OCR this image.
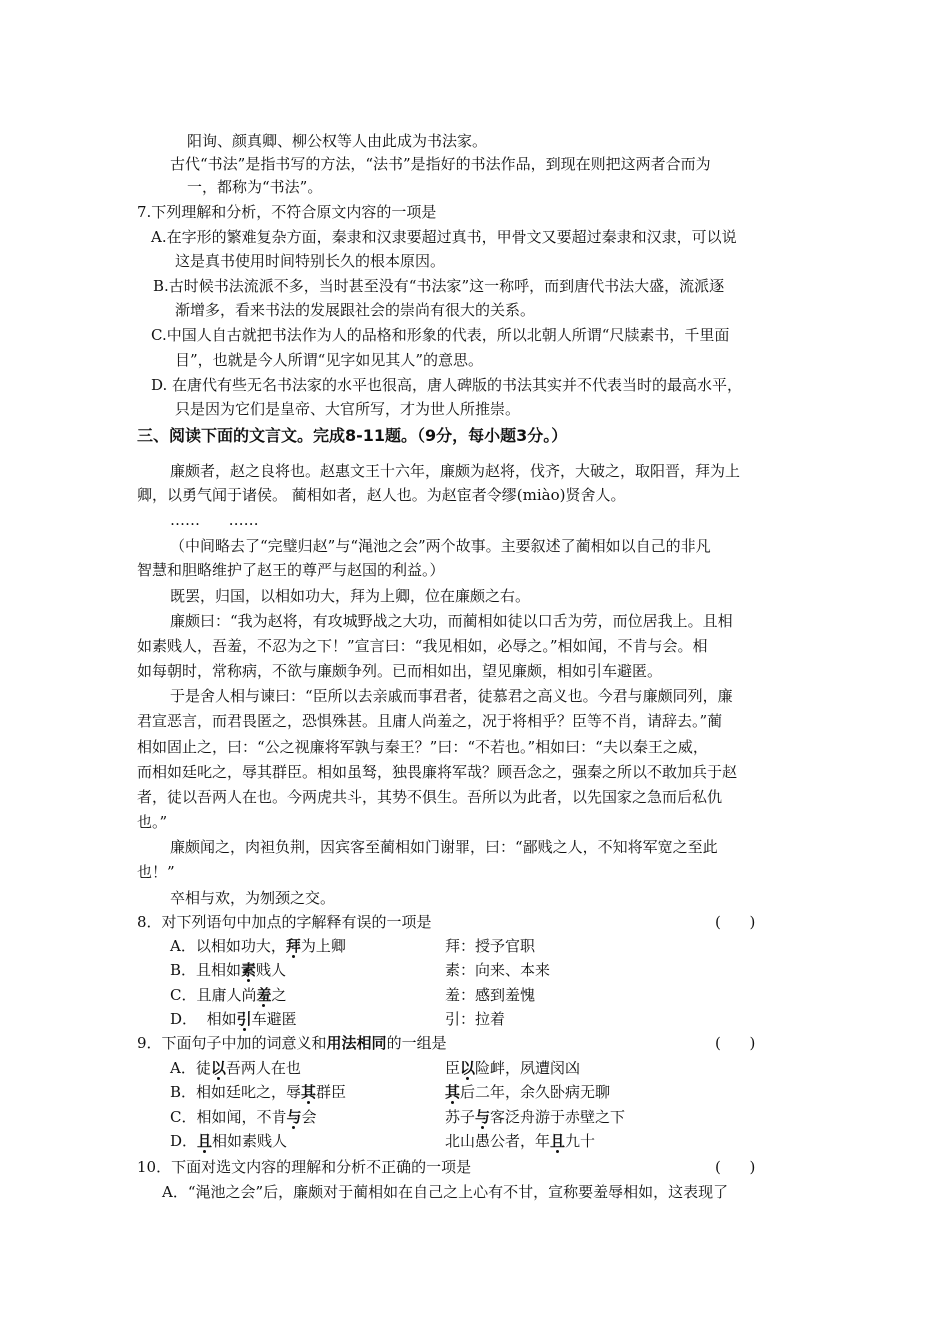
阳询、颜真卿、柳公权等人由此成为书法家。
古代“书法”是指书写的方法，“法书”是指好的书法作品，到现在则把这两者合而为
一，都称为“书法”。
7.下列理解和分析，不符合原文内容的一项是
A.在字形的繁难复杂方面，秦隶和汉隶要超过真书，甲骨文又要超过秦隶和汉隶，可以说
这是真书使用时间特别长久的根本原因。
B.古时候书法流派不多，当时甚至没有“书法家”这一称呼，而到唐代书法大盛，流派逐
渐增多，看来书法的发展跟社会的崇尚有很大的关系。
C.中国人自古就把书法作为人的品格和形象的代表，所以北朝人所谓“尺牍素书，千里面
目”，也就是今人所谓“见字如见其人”的意思。
D. 在唐代有些无名书法家的水平也很高，唐人碑版的书法其实并不代表当时的最高水平，
只是因为它们是皇帝、大官所写，才为世人所推崇。
三、阅读下面的文言文。完成8-11题。（9分，每小题3分。）
廉颇者，赵之良将也。赵惠文王十六年，廉颇为赵将，伐齐，大破之，取阳晋，拜为上
卿，以勇气闻于诸侯。 蔺相如者，赵人也。为赵宦者令缪(miào)贤舍人。
……      ……
（中间略去了“完璧归赵”与“渑池之会”两个故事。主要叙述了蔺相如以自己的非凡
智慧和胆略维护了赵王的尊严与赵国的利益。）
既罢，归国，以相如功大，拜为上卿，位在廉颇之右。
廉颇曰：“我为赵将，有攻城野战之大功，而蔺相如徒以口舌为劳，而位居我上。且相
如素贱人，吾羞，不忍为之下！”宣言曰：“我见相如，必辱之。”相如闻，不肯与会。相
如每朝时，常称病，不欲与廉颇争列。已而相如出，望见廉颇，相如引车避匿。
于是舍人相与谏曰：“臣所以去亲戚而事君者，徒慕君之高义也。今君与廉颇同列，廉
君宣恶言，而君畏匿之，恐惧殊甚。且庸人尚羞之，况于将相乎？臣等不肖，请辞去。”蔺
相如固止之，曰：“公之视廉将军孰与秦王？”曰：“不若也。”相如曰：“夫以秦王之威，
而相如廷叱之，辱其群臣。相如虽驽，独畏廉将军哉？顾吾念之，强秦之所以不敢加兵于赵
者，徒以吾两人在也。今两虎共斗，其势不俱生。吾所以为此者，以先国家之急而后私仇
也。”
廉颇闻之，肉袒负荆，因宾客至蔺相如门谢罪，曰：“鄙贱之人，不知将军宽之至此
也！”
卒相与欢，为刎颈之交。
8．对下列语句中加点的字解释有误的一项是	(      )
A．以相如功大，拜为上卿	拜：授予官职
B．且相如素贱人	素：向来、本来
C．且庸人尚羞之	羞：感到羞愧
D．  相如引车避匿	引：拉着
9．下面句子中加的词意义和用法相同的一组是	(      )
A．徒以吾两人在也	臣以险衅，夙遭闵凶
B．相如廷叱之，辱其群臣	其后二年，余久卧病无聊
C．相如闻，不肯与会	苏子与客泛舟游于赤壁之下
D．且相如素贱人	北山愚公者，年且九十
10．下面对选文内容的理解和分析不正确的一项是	(      )
A．“渑池之会”后，廉颇对于蔺相如在自己之上心有不甘，宣称要羞辱相如，这表现了
